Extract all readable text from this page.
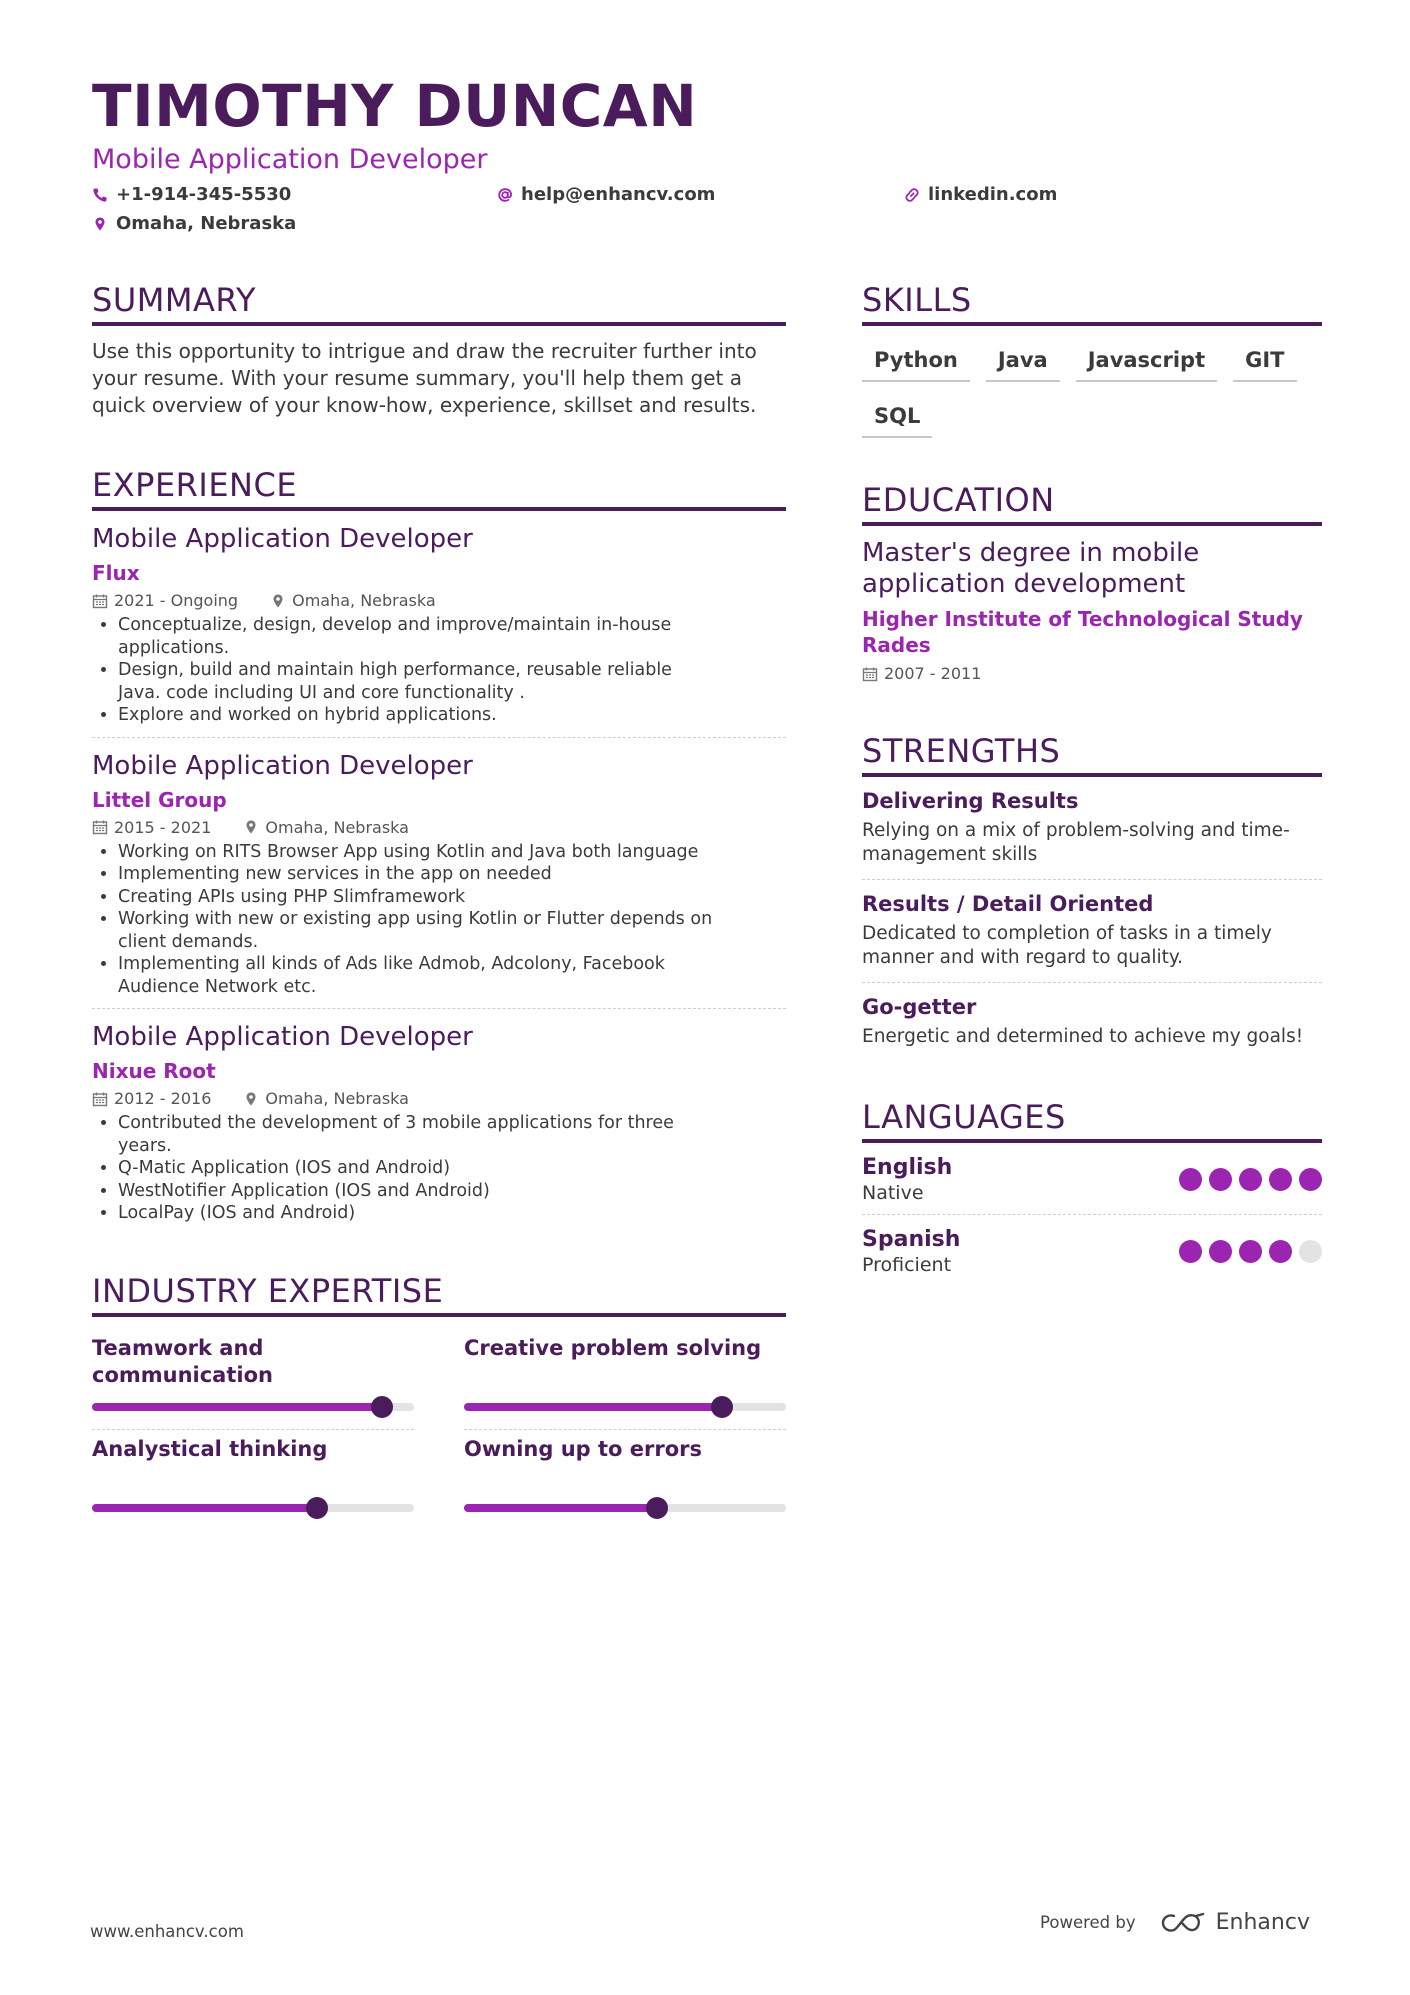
TIMOTHY DUNCAN
Mobile Application Developer
+1-914-345-5530	help@enhancv.com	linkedin.com
Omaha, Nebraska
SUMMARY
Use this opportunity to intrigue and draw the recruiter further into your resume. With your resume summary, you'll help them get a quick overview of your know-how, experience, skillset and results.
EXPERIENCE
Mobile Application Developer
Flux
2021 - Ongoing	Omaha, Nebraska
• Conceptualize, design, develop and improve/maintain in-house applications.
• Design, build and maintain high performance, reusable reliable Java. code including UI and core functionality .
• Explore and worked on hybrid applications.
Mobile Application Developer
Littel Group
2015 - 2021	Omaha, Nebraska
• Working on RITS Browser App using Kotlin and Java both language
• Implementing new services in the app on needed
• Creating APIs using PHP Slimframework
• Working with new or existing app using Kotlin or Flutter depends on client demands.
• Implementing all kinds of Ads like Admob, Adcolony, Facebook Audience Network etc.
Mobile Application Developer
Nixue Root
2012 - 2016	Omaha, Nebraska
• Contributed the development of 3 mobile applications for three years.
• Q-Matic Application (IOS and Android)
• WestNotifier Application (IOS and Android)
• LocalPay (IOS and Android)
INDUSTRY EXPERTISE
Teamwork and communication
Creative problem solving
Analystical thinking	Owning up to errors
SKILLS
Python	Java	Javascript	GIT
SQL
EDUCATION
Master's degree in mobile application development
Higher Institute of Technological Study Rades
2007 - 2011
STRENGTHS
Delivering Results
Relying on a mix of problem-solving and time-management skills
Results / Detail Oriented
Dedicated to completion of tasks in a timely manner and with regard to quality.
Go-getter
Energetic and determined to achieve my goals!
LANGUAGES
English
Native
Spanish
Proficient
www.enhancv.com	Powered by	Enhancv
